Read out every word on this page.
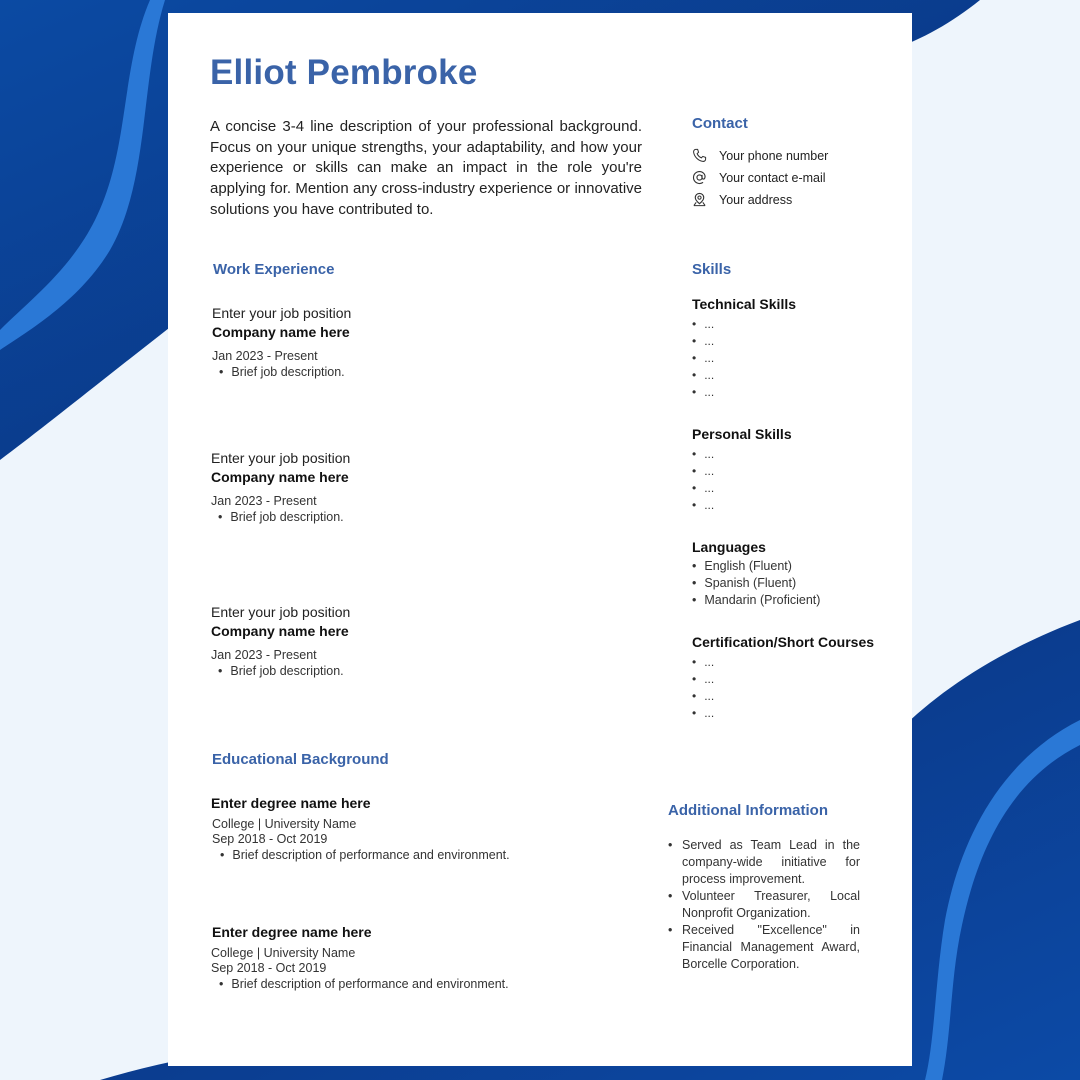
Elliot Pembroke
A concise 3-4 line description of your professional background. Focus on your unique strengths, your adaptability, and how your experience or skills can make an impact in the role you're applying for. Mention any cross-industry experience or innovative solutions you have contributed to.
Contact
Your phone number
Your contact e-mail
Your address
Work Experience
Enter your job position
Company name here
Jan 2023 - Present
• Brief job description.
Enter your job position
Company name here
Jan 2023 - Present
• Brief job description.
Enter your job position
Company name here
Jan 2023 - Present
• Brief job description.
Skills
Technical Skills
• ...
• ...
• ...
• ...
• ...
Personal Skills
• ...
• ...
• ...
• ...
Languages
• English (Fluent)
• Spanish (Fluent)
• Mandarin (Proficient)
Certification/Short Courses
• ...
• ...
• ...
• ...
Educational Background
Enter degree name here
College | University Name
Sep 2018 - Oct 2019
• Brief description of performance and environment.
Enter degree name here
College | University Name
Sep 2018 - Oct 2019
• Brief description of performance and environment.
Additional Information
• Served as Team Lead in the company-wide initiative for process improvement.
• Volunteer Treasurer, Local Nonprofit Organization.
• Received "Excellence" in Financial Management Award, Borcelle Corporation.
